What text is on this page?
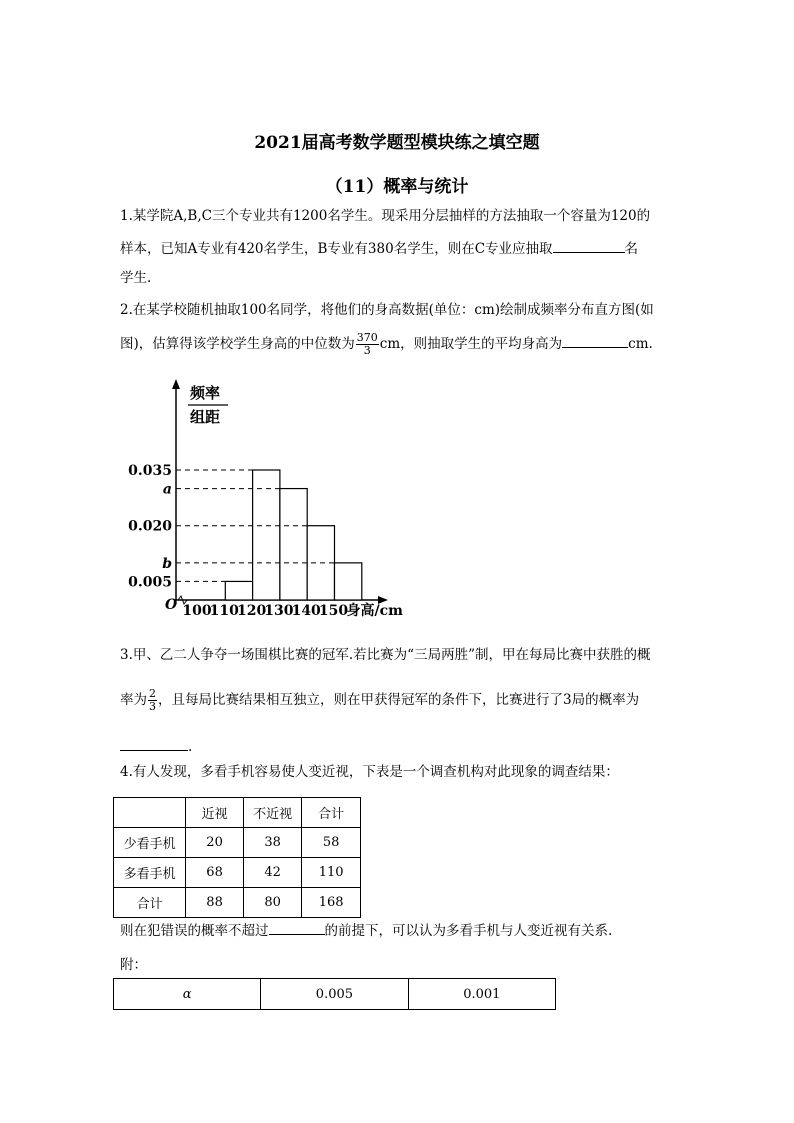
2021届高考数学题型模块练之填空题
（11）概率与统计
1.某学院A,B,C三个专业共有1200名学生。现采用分层抽样的方法抽取一个容量为120的
样本，已知A专业有420名学生，B专业有380名学生，则在C专业应抽取	名
学生.
2.在某学校随机抽取100名同学，将他们的身高数据(单位：cm)绘制成频率分布直方图(如
图)，估算得该学校学生身高的中位数为 $\frac{370}{3}$ cm，则抽取学生的平均身高为	cm.
频率
组距
O
0.035
a
0.020
b
0.005
100
110
120
130
140
150
身高/cm
3.甲、乙二人争夺一场围棋比赛的冠军.若比赛为“三局两胜”制，甲在每局比赛中获胜的概
率为 $\frac{2}{3}$ ，且每局比赛结果相互独立，则在甲获得冠军的条件下，比赛进行了3局的概率为
.
4.有人发现，多看手机容易使人变近视，下表是一个调查机构对此现象的调查结果：
	近视	不近视	合计
少看手机	20	38	58
多看手机	68	42	110
合计	88	80	168
则在犯错误的概率不超过	的前提下，可以认为多看手机与人变近视有关系.
附：
α	0.005	0.001
